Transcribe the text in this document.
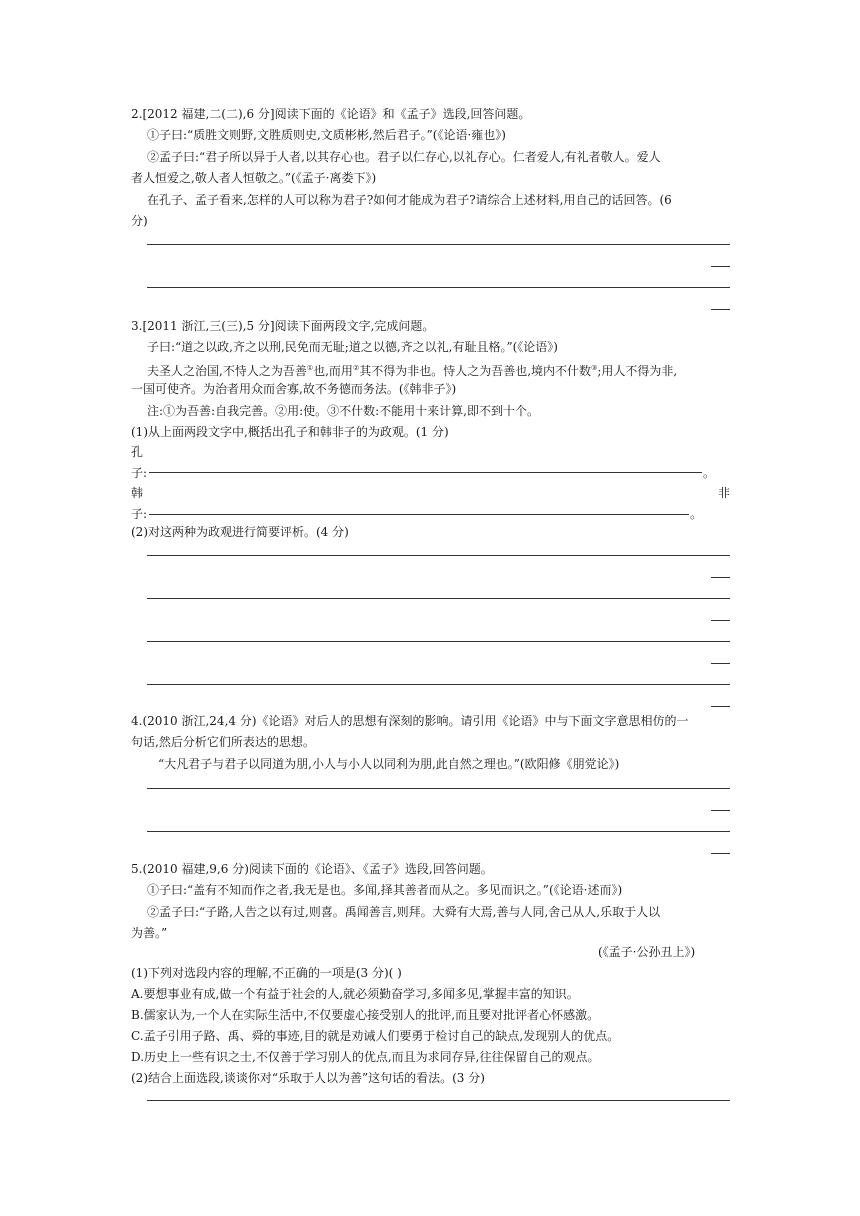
2.[2012 福建,二(二),6 分]阅读下面的《论语》和《孟子》选段,回答问题。
①子曰:“质胜文则野,文胜质则史,文质彬彬,然后君子。”(《论语·雍也》)
②孟子曰:“君子所以异于人者,以其存心也。君子以仁存心,以礼存心。仁者爱人,有礼者敬人。爱人
者人恒爱之,敬人者人恒敬之。”(《孟子·离娄下》)
在孔子、孟子看来,怎样的人可以称为君子?如何才能成为君子?请综合上述材料,用自己的话回答。(6
分)
3.[2011 浙江,三(三),5 分]阅读下面两段文字,完成问题。
子曰:“道之以政,齐之以刑,民免而无耻;道之以德,齐之以礼,有耻且格。”(《论语》)
夫圣人之治国,不恃人之为吾善①也,而用②其不得为非也。恃人之为吾善也,境内不什数③;用人不得为非,
一国可使齐。为治者用众而舍寡,故不务德而务法。(《韩非子》)
注:①为吾善:自我完善。②用:使。③不什数:不能用十来计算,即不到十个。
(1)从上面两段文字中,概括出孔子和韩非子的为政观。(1 分)
孔
子:	。
韩	非
子:	。
(2)对这两种为政观进行简要评析。(4 分)
4.(2010 浙江,24,4 分)《论语》对后人的思想有深刻的影响。请引用《论语》中与下面文字意思相仿的一
句话,然后分析它们所表达的思想。
“大凡君子与君子以同道为朋,小人与小人以同利为朋,此自然之理也。”(欧阳修《朋党论》)
5.(2010 福建,9,6 分)阅读下面的《论语》、《孟子》选段,回答问题。
①子曰:“盖有不知而作之者,我无是也。多闻,择其善者而从之。多见而识之。”(《论语·述而》)
②孟子曰:“子路,人告之以有过,则喜。禹闻善言,则拜。大舜有大焉,善与人同,舍己从人,乐取于人以
为善。”
(《孟子·公孙丑上》)
(1)下列对选段内容的理解,不正确的一项是(3 分)( )
A.要想事业有成,做一个有益于社会的人,就必须勤奋学习,多闻多见,掌握丰富的知识。
B.儒家认为,一个人在实际生活中,不仅要虚心接受别人的批评,而且要对批评者心怀感激。
C.孟子引用子路、禹、舜的事迹,目的就是劝诫人们要勇于检讨自己的缺点,发现别人的优点。
D.历史上一些有识之士,不仅善于学习别人的优点,而且为求同存异,往往保留自己的观点。
(2)结合上面选段,谈谈你对“乐取于人以为善”这句话的看法。(3 分)
